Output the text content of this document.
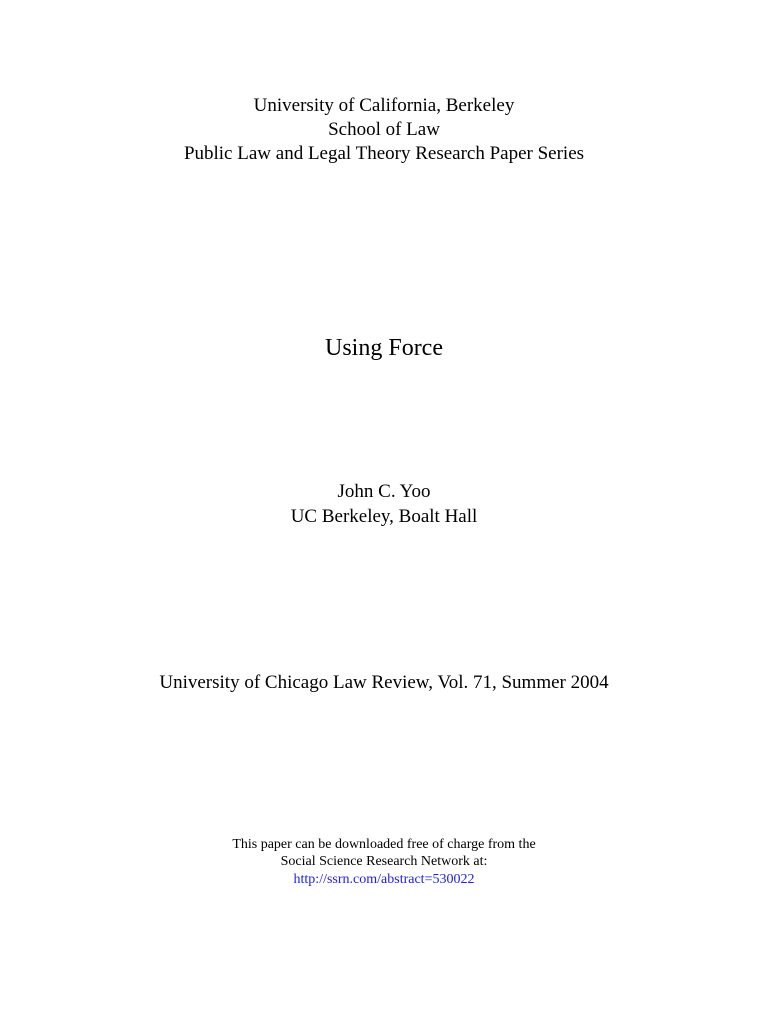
University of California, Berkeley
School of Law
Public Law and Legal Theory Research Paper Series
Using Force
John C. Yoo
UC Berkeley, Boalt Hall
University of Chicago Law Review, Vol. 71, Summer 2004
This paper can be downloaded free of charge from the
Social Science Research Network at:
http://ssrn.com/abstract=530022
